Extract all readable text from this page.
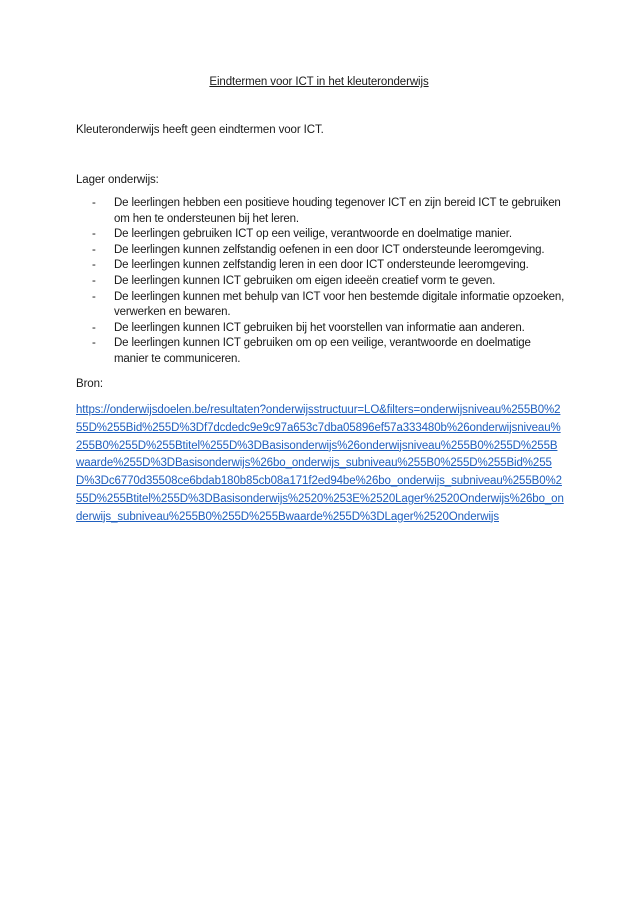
Eindtermen voor ICT in het kleuteronderwijs
Kleuteronderwijs heeft geen eindtermen voor ICT.
Lager onderwijs:
- De leerlingen hebben een positieve houding tegenover ICT en zijn bereid ICT te gebruiken om hen te ondersteunen bij het leren.
- De leerlingen gebruiken ICT op een veilige, verantwoorde en doelmatige manier.
- De leerlingen kunnen zelfstandig oefenen in een door ICT ondersteunde leeromgeving.
- De leerlingen kunnen zelfstandig leren in een door ICT ondersteunde leeromgeving.
- De leerlingen kunnen ICT gebruiken om eigen ideeën creatief vorm te geven.
- De leerlingen kunnen met behulp van ICT voor hen bestemde digitale informatie opzoeken, verwerken en bewaren.
- De leerlingen kunnen ICT gebruiken bij het voorstellen van informatie aan anderen.
- De leerlingen kunnen ICT gebruiken om op een veilige, verantwoorde en doelmatige manier te communiceren.
Bron:
https://onderwijsdoelen.be/resultaten?onderwijsstructuur=LO&filters=onderwijsniveau%255B0%255D%255Bid%255D%3Df7dcdedc9e9c97a653c7dba05896ef57a333480b%26onderwijsniveau%255B0%255D%255Btitel%255D%3DBasisonderwijs%26onderwijsniveau%255B0%255D%255Bwaarde%255D%3DBasisonderwijs%26bo_onderwijs_subniveau%255B0%255D%255Bid%255D%3Dc6770d35508ce6bdab180b85cb08a171f2ed94be%26bo_onderwijs_subniveau%255B0%255D%255Btitel%255D%3DBasisonderwijs%2520%253E%2520Lager%2520Onderwijs%26bo_onderwijs_subniveau%255B0%255D%255Bwaarde%255D%3DLager%2520Onderwijs
